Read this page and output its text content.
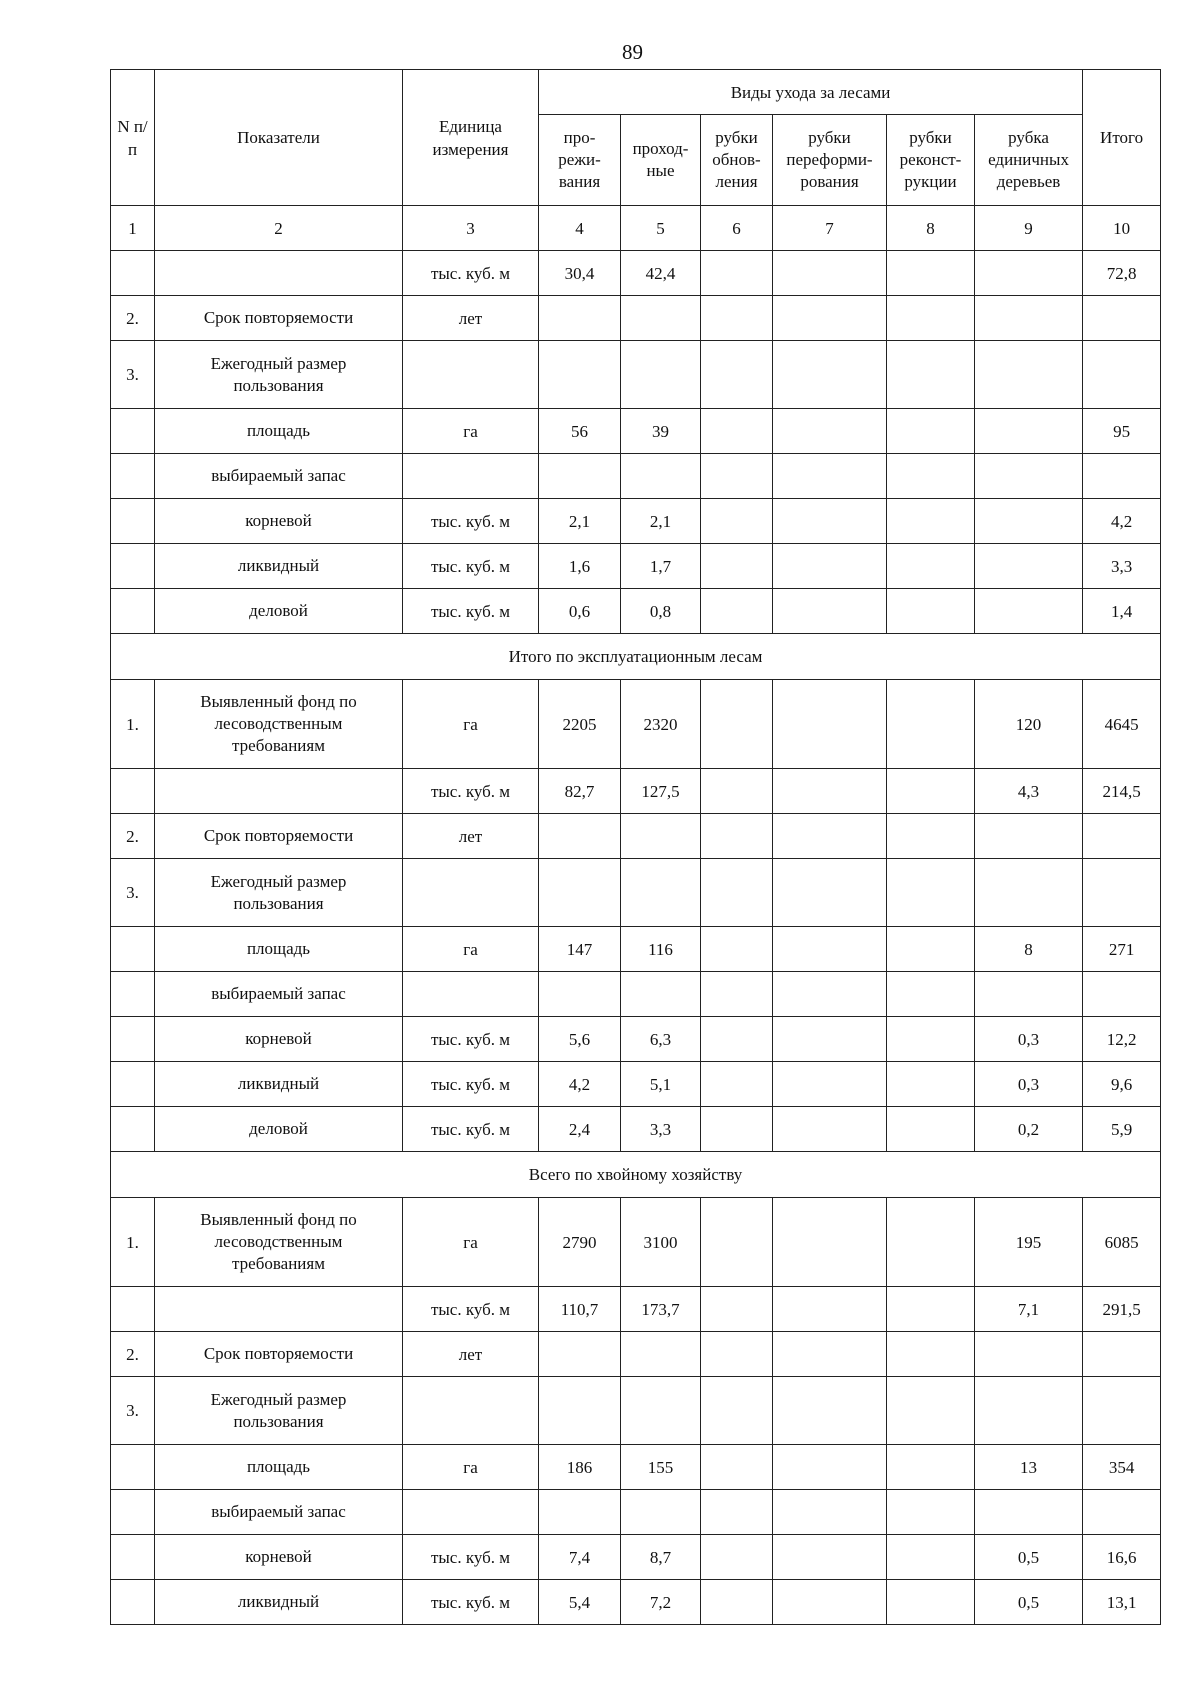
89
N п/п	Показатели	Единица измерения	Виды ухода за лесами						Итого
			про-
режи-
вания	проход-
ные	рубки
обнов-
ления	рубки
переформи-
рования	рубки
реконст-
рукции	рубка
единичных
деревьев	
1	2	3	4	5	6	7	8	9	10
		тыс. куб. м	30,4	42,4					72,8
2.	Срок повторяемости	лет							
3.	Ежегодный размер
пользования								
	площадь	га	56	39					95
	выбираемый запас								
	корневой	тыс. куб. м	2,1	2,1					4,2
	ликвидный	тыс. куб. м	1,6	1,7					3,3
	деловой	тыс. куб. м	0,6	0,8					1,4
Итого по эксплуатационным лесам									
1.	Выявленный фонд по
лесоводственным
требованиям	га	2205	2320				120	4645
		тыс. куб. м	82,7	127,5				4,3	214,5
2.	Срок повторяемости	лет							
3.	Ежегодный размер
пользования								
	площадь	га	147	116				8	271
	выбираемый запас								
	корневой	тыс. куб. м	5,6	6,3				0,3	12,2
	ликвидный	тыс. куб. м	4,2	5,1				0,3	9,6
	деловой	тыс. куб. м	2,4	3,3				0,2	5,9
Всего по хвойному хозяйству									
1.	Выявленный фонд по
лесоводственным
требованиям	га	2790	3100				195	6085
		тыс. куб. м	110,7	173,7				7,1	291,5
2.	Срок повторяемости	лет							
3.	Ежегодный размер
пользования								
	площадь	га	186	155				13	354
	выбираемый запас								
	корневой	тыс. куб. м	7,4	8,7				0,5	16,6
	ликвидный	тыс. куб. м	5,4	7,2				0,5	13,1
